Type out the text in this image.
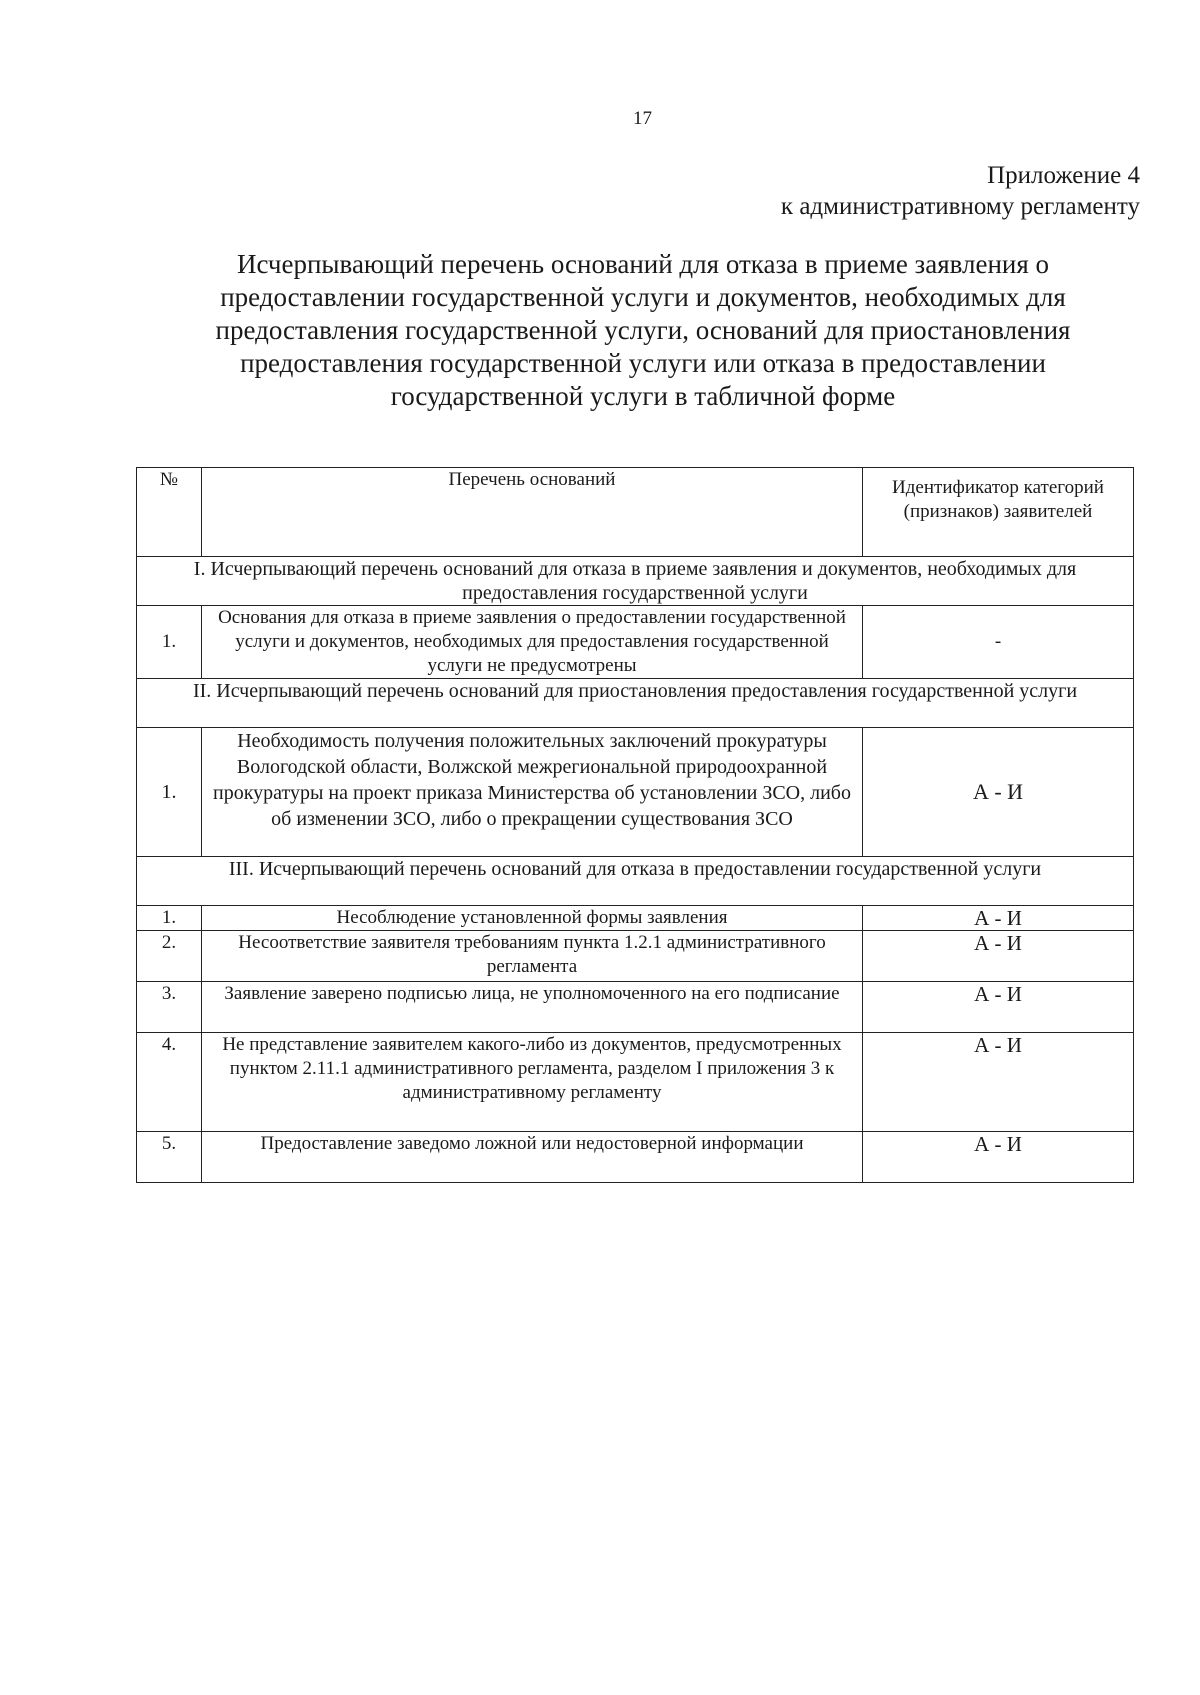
17
Приложение 4
к административному регламенту
Исчерпывающий перечень оснований для отказа в приеме заявления о
предоставлении государственной услуги и документов, необходимых для
предоставления государственной услуги, оснований для приостановления
предоставления государственной услуги или отказа в предоставлении
государственной услуги в табличной форме
№	Перечень оснований	Идентификатор категорий (признаков) заявителей
I. Исчерпывающий перечень оснований для отказа в приеме заявления и документов, необходимых для предоставления государственной услуги		
1.	Основания для отказа в приеме заявления о предоставлении государственной услуги и документов, необходимых для предоставления государственной услуги не предусмотрены	-
II. Исчерпывающий перечень оснований для приостановления предоставления государственной услуги		
1.	Необходимость получения положительных заключений прокуратуры Вологодской области, Волжской межрегиональной природоохранной прокуратуры на проект приказа Министерства об установлении ЗСО, либо об изменении ЗСО, либо о прекращении существования ЗСО	А - И
III. Исчерпывающий перечень оснований для отказа в предоставлении государственной услуги		
1.	Несоблюдение установленной формы заявления	А - И
2.	Несоответствие заявителя требованиям пункта 1.2.1 административного регламента	А - И
3.	Заявление заверено подписью лица, не уполномоченного на его подписание	А - И
4.	Не представление заявителем какого-либо из документов, предусмотренных пунктом 2.11.1 административного регламента, разделом I приложения 3 к административному регламенту	А - И
5.	Предоставление заведомо ложной или недостоверной информации	А - И
